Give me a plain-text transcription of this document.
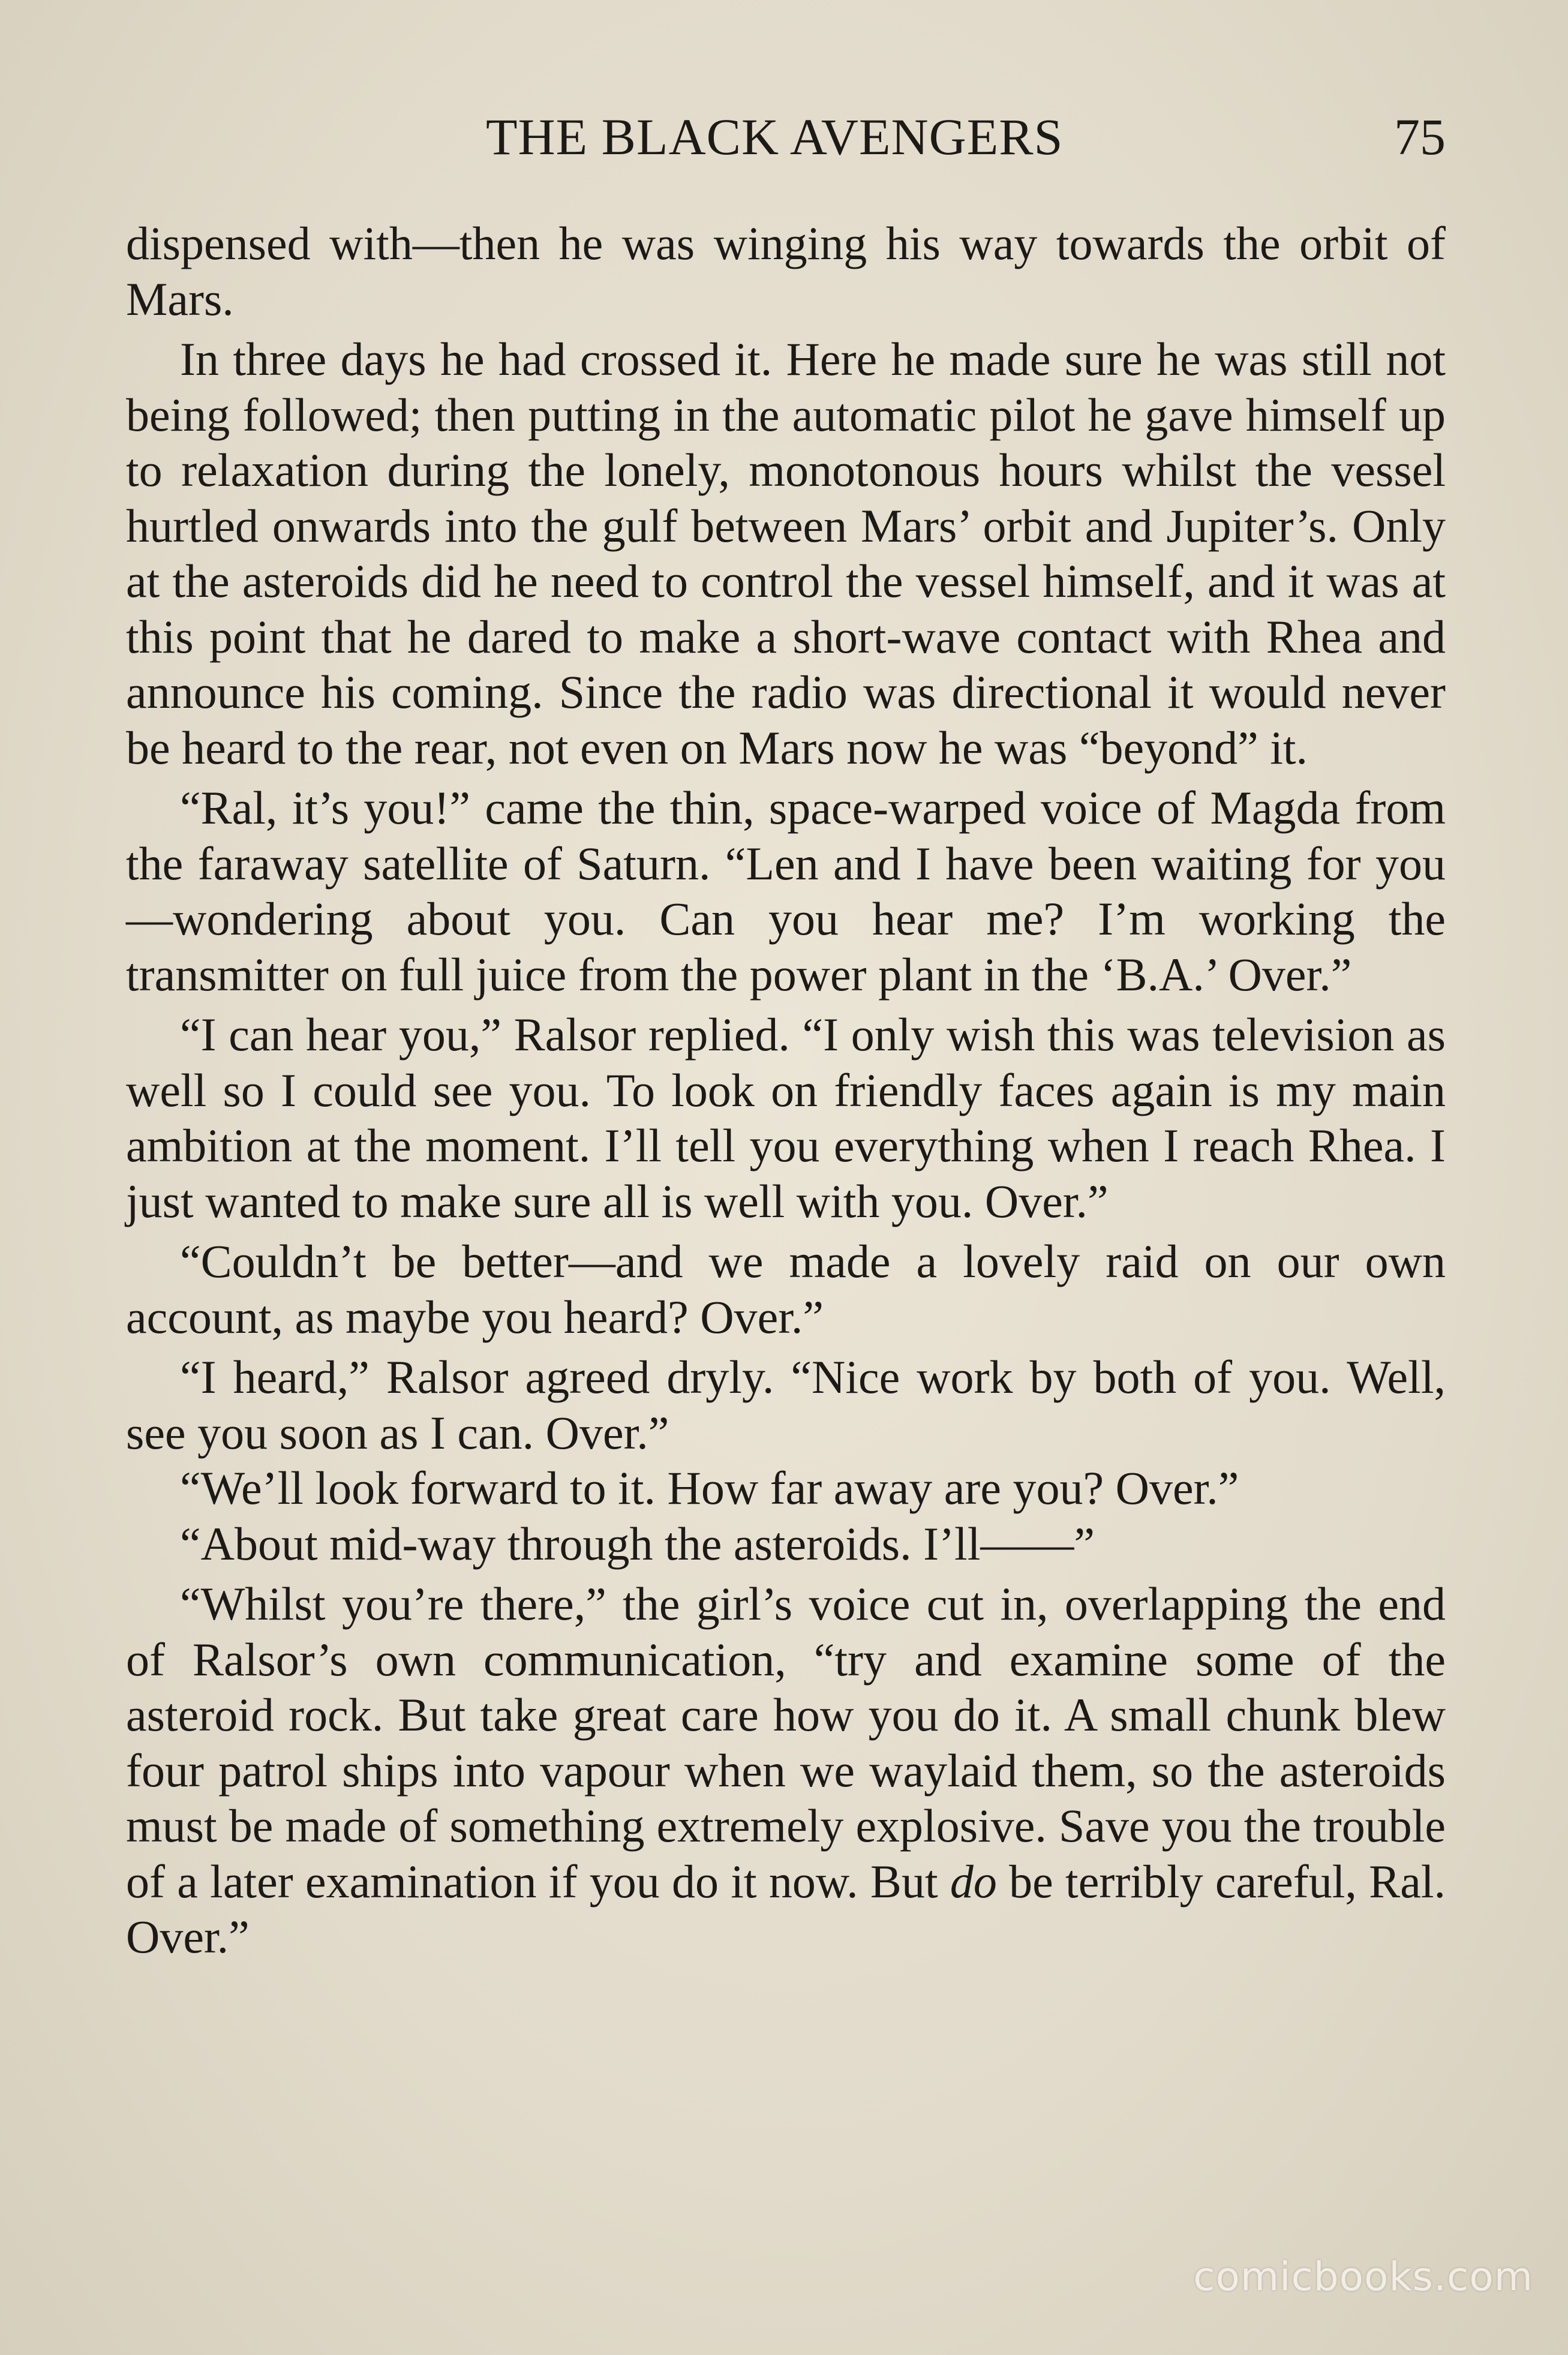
THE BLACK AVENGERS	75

dispensed with—then he was winging his way towards the orbit of Mars.

In three days he had crossed it. Here he made sure he was still not being followed; then putting in the automatic pilot he gave himself up to relaxation during the lonely, monotonous hours whilst the vessel hurtled onwards into the gulf between Mars’ orbit and Jupiter’s. Only at the asteroids did he need to control the vessel himself, and it was at this point that he dared to make a short-wave contact with Rhea and announce his coming. Since the radio was directional it would never be heard to the rear, not even on Mars now he was “beyond” it.

“Ral, it’s you!” came the thin, space-warped voice of Magda from the faraway satellite of Saturn. “Len and I have been waiting for you—wondering about you. Can you hear me? I’m working the transmitter on full juice from the power plant in the ‘B.A.’ Over.”

“I can hear you,” Ralsor replied. “I only wish this was television as well so I could see you. To look on friendly faces again is my main ambition at the moment. I’ll tell you everything when I reach Rhea. I just wanted to make sure all is well with you. Over.”

“Couldn’t be better—and we made a lovely raid on our own account, as maybe you heard? Over.”

“I heard,” Ralsor agreed dryly. “Nice work by both of you. Well, see you soon as I can. Over.”

“We’ll look forward to it. How far away are you? Over.”

“About mid-way through the asteroids. I’ll——”

“Whilst you’re there,” the girl’s voice cut in, overlapping the end of Ralsor’s own communication, “try and examine some of the asteroid rock. But take great care how you do it. A small chunk blew four patrol ships into vapour when we waylaid them, so the asteroids must be made of something extremely explosive. Save you the trouble of a later examination if you do it now. But do be terribly careful, Ral. Over.”

comicbooks.com
